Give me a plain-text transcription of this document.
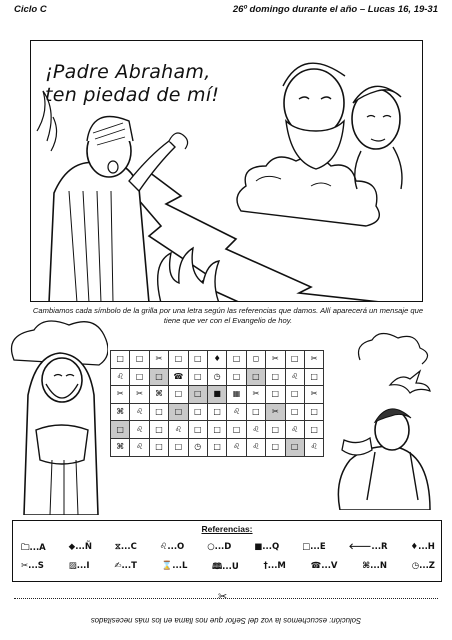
Ciclo C	26º domingo durante el año – Lucas 16, 19-31
¡Padre Abraham,
ten piedad de mí!
Cambiamos cada símbolo de la grilla por una letra según las referencias que damos. Allí aparecerá un mensaje que tiene que ver con el Evangelio de hoy.
□	□	✂	□	□	♦	□	◻	✂	□	✂
♌	□	□	☎	□	◷	□	□	□	♌	□
✂	✂	⌘	□	□	■	▦	✂	□	□	✂
⌘	♌	□	□	□	□	♌	□	✂	□	□
□	♌	□	♌	□	□	□	♌	□	♌	□
⌘	♌	□	□	◷	□	♌	♌	□	□	♌
Referencias:
🗀...A	◆...Ñ	⧖...C	♌...O	○...D	■...Q	□...E	🡐...R	♦...H
✂...S	▨...I	✍...T	⌛...L	🕮...U	†...M	☎...V	⌘...N	◷...Z
✂
Solución: escuchemos la voz del Señor que nos llama en los más necesitados
